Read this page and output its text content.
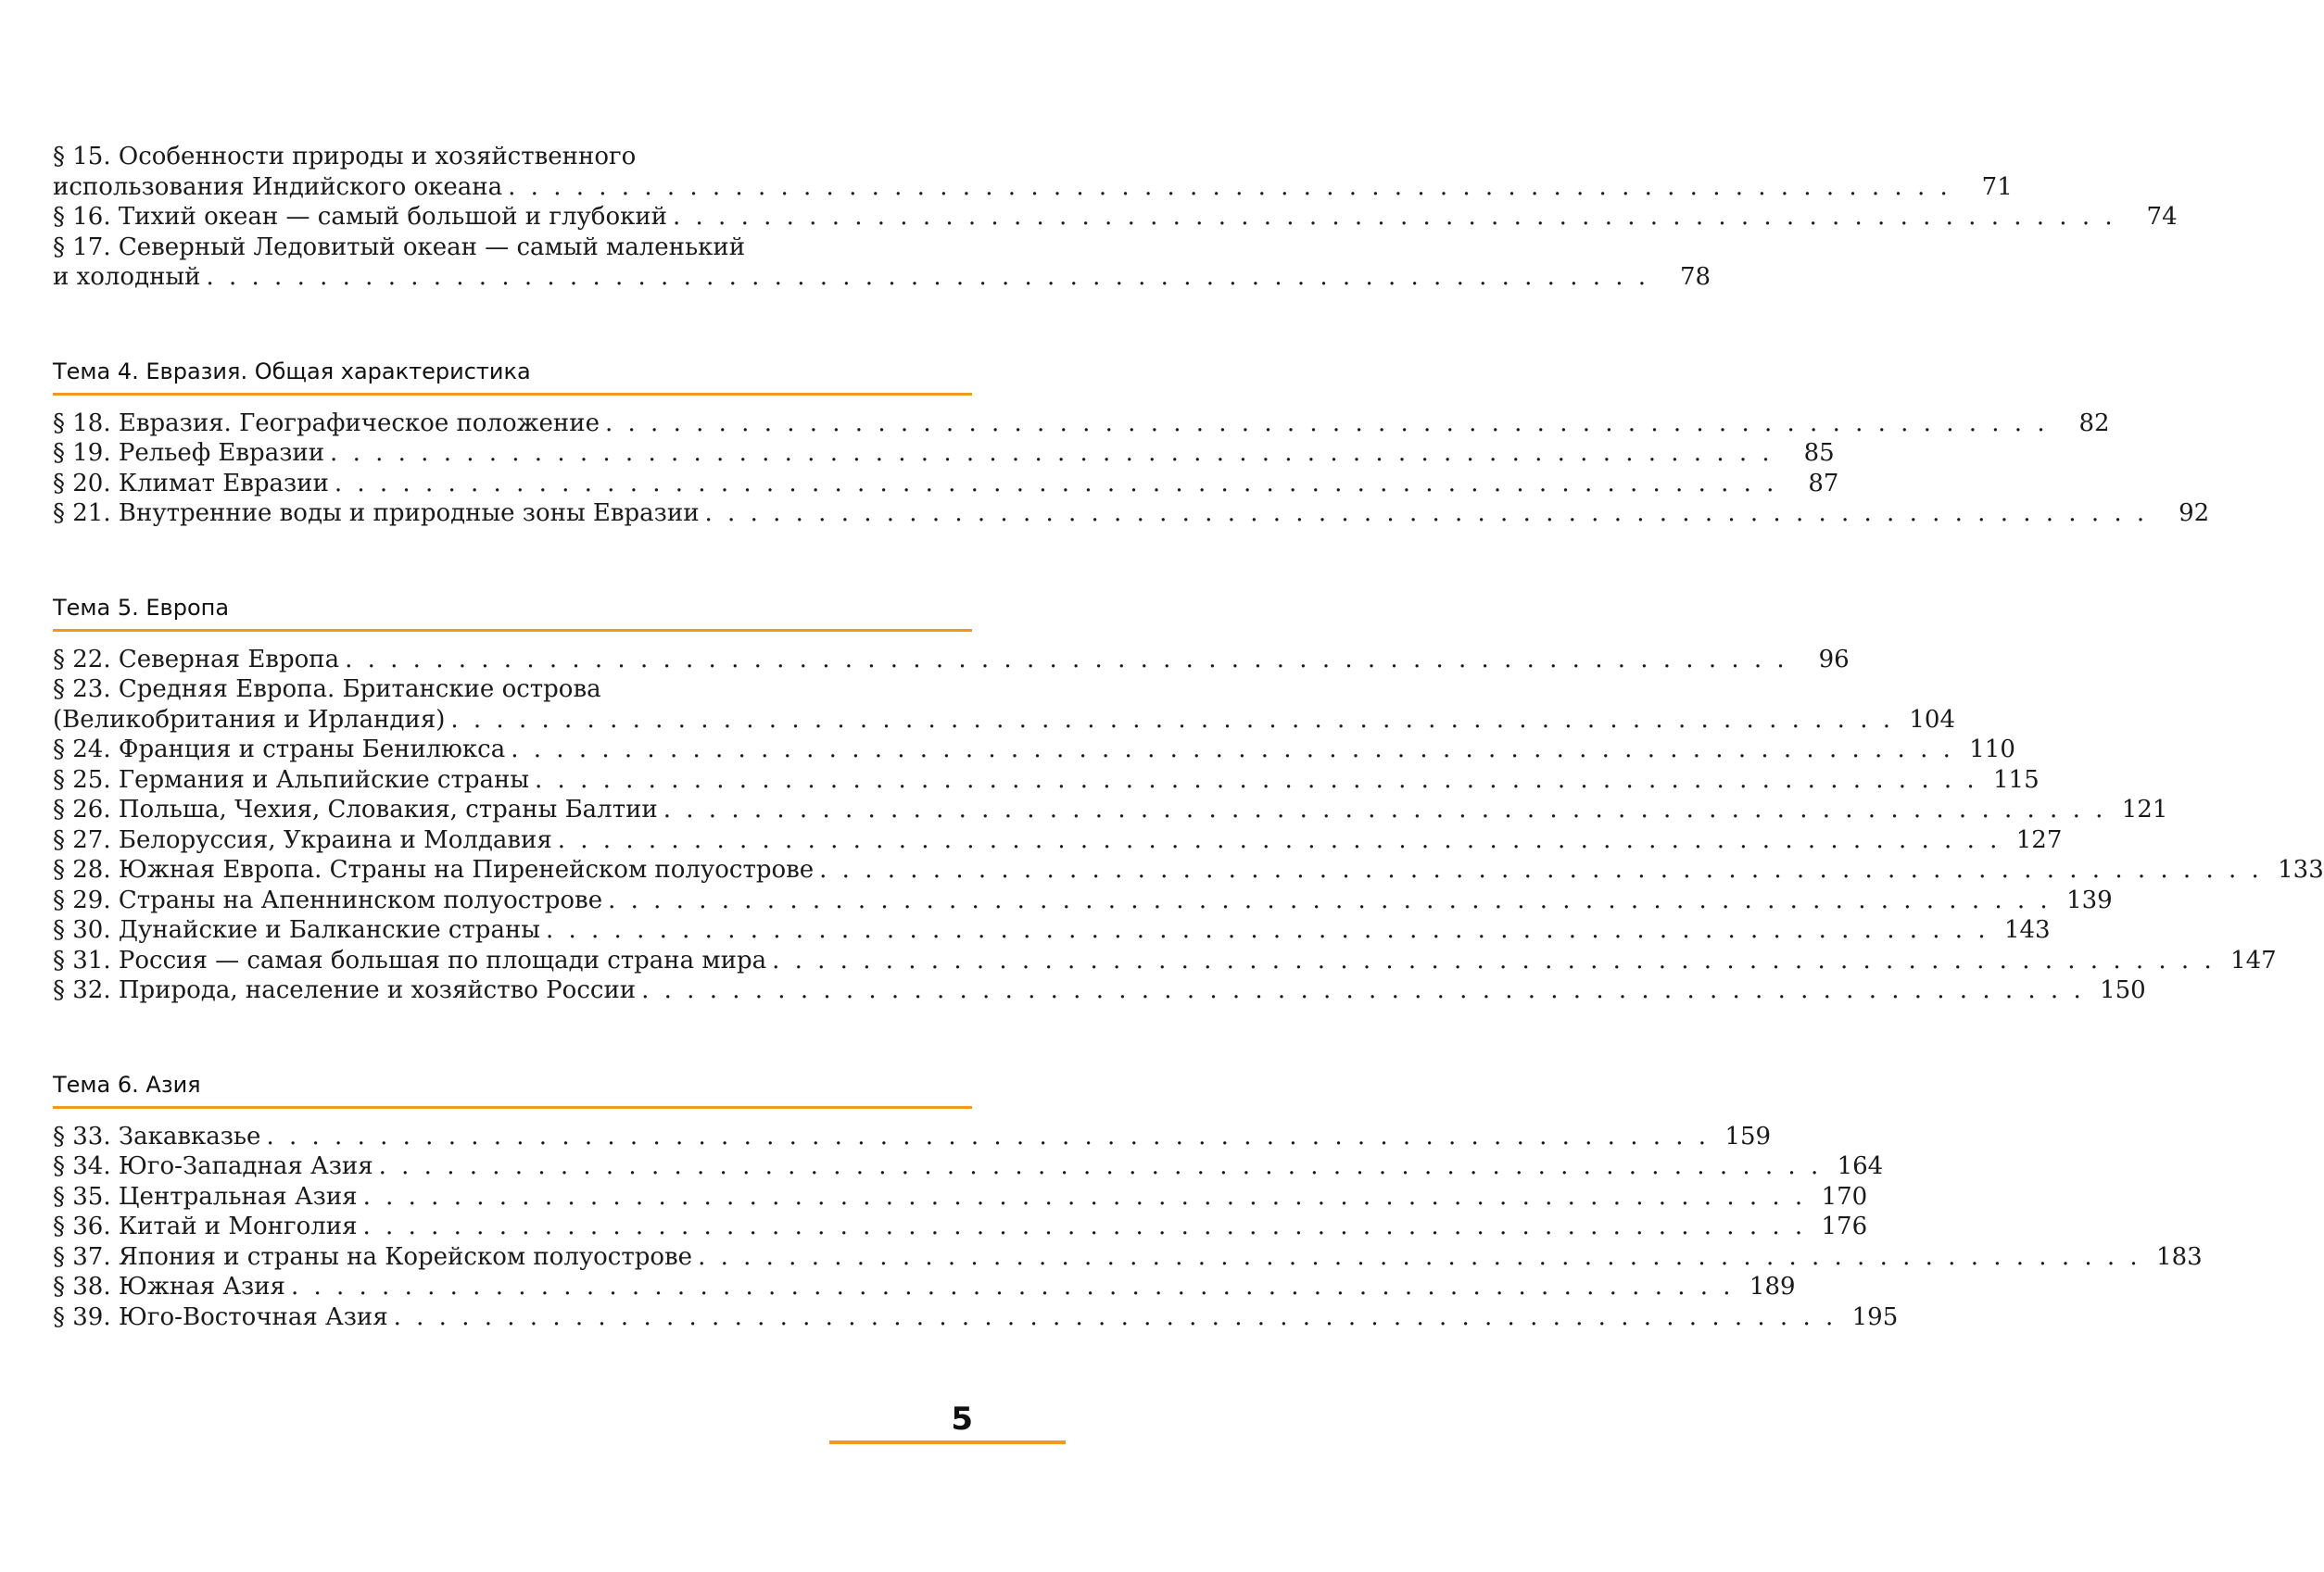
§ 15. Особенности природы и хозяйственного
использования Индийского океана . . . . . . . . . . . . . . . . . . . . . . . . . . . . . . . . . . . . . . . . . . . . . . . . . . . . . . . . . . . . . . . .	71
§ 16. Тихий океан — самый большой и глубокий . . . . . . . . . . . . . . . . . . . . . . . . . . . . . . . . . . . . . . . . . . . . . . . . . . . . . . . . . . . . . . . .	74
§ 17. Северный Ледовитый океан — самый маленький
и холодный . . . . . . . . . . . . . . . . . . . . . . . . . . . . . . . . . . . . . . . . . . . . . . . . . . . . . . . . . . . . . . . .	78
Тема 4. Евразия. Общая характеристика
§ 18. Евразия. Географическое положение . . . . . . . . . . . . . . . . . . . . . . . . . . . . . . . . . . . . . . . . . . . . . . . . . . . . . . . . . . . . . . . .	82
§ 19. Рельеф Евразии . . . . . . . . . . . . . . . . . . . . . . . . . . . . . . . . . . . . . . . . . . . . . . . . . . . . . . . . . . . . . . . .	85
§ 20. Климат Евразии . . . . . . . . . . . . . . . . . . . . . . . . . . . . . . . . . . . . . . . . . . . . . . . . . . . . . . . . . . . . . . . .	87
§ 21. Внутренние воды и природные зоны Евразии . . . . . . . . . . . . . . . . . . . . . . . . . . . . . . . . . . . . . . . . . . . . . . . . . . . . . . . . . . . . . . . .	92
Тема 5. Европа
§ 22. Северная Европа . . . . . . . . . . . . . . . . . . . . . . . . . . . . . . . . . . . . . . . . . . . . . . . . . . . . . . . . . . . . . . . .	96
§ 23. Средняя Европа. Британские острова
(Великобритания и Ирландия) . . . . . . . . . . . . . . . . . . . . . . . . . . . . . . . . . . . . . . . . . . . . . . . . . . . . . . . . . . . . . . . . 104
§ 24. Франция и страны Бенилюкса . . . . . . . . . . . . . . . . . . . . . . . . . . . . . . . . . . . . . . . . . . . . . . . . . . . . . . . . . . . . . . . . 110
§ 25. Германия и Альпийские страны . . . . . . . . . . . . . . . . . . . . . . . . . . . . . . . . . . . . . . . . . . . . . . . . . . . . . . . . . . . . . . . . 115
§ 26. Польша, Чехия, Словакия, страны Балтии . . . . . . . . . . . . . . . . . . . . . . . . . . . . . . . . . . . . . . . . . . . . . . . . . . . . . . . . . . . . . . . . 121
§ 27. Белоруссия, Украина и Молдавия . . . . . . . . . . . . . . . . . . . . . . . . . . . . . . . . . . . . . . . . . . . . . . . . . . . . . . . . . . . . . . . . 127
§ 28. Южная Европа. Страны на Пиренейском полуострове . . . . . . . . . . . . . . . . . . . . . . . . . . . . . . . . . . . . . . . . . . . . . . . . . . . . . . . . . . . . . . . . 133
§ 29. Страны на Апеннинском полуострове . . . . . . . . . . . . . . . . . . . . . . . . . . . . . . . . . . . . . . . . . . . . . . . . . . . . . . . . . . . . . . . . 139
§ 30. Дунайские и Балканские страны . . . . . . . . . . . . . . . . . . . . . . . . . . . . . . . . . . . . . . . . . . . . . . . . . . . . . . . . . . . . . . . . 143
§ 31. Россия — самая большая по площади страна мира . . . . . . . . . . . . . . . . . . . . . . . . . . . . . . . . . . . . . . . . . . . . . . . . . . . . . . . . . . . . . . . . 147
§ 32. Природа, население и хозяйство России . . . . . . . . . . . . . . . . . . . . . . . . . . . . . . . . . . . . . . . . . . . . . . . . . . . . . . . . . . . . . . . . 150
Тема 6. Азия
§ 33. Закавказье . . . . . . . . . . . . . . . . . . . . . . . . . . . . . . . . . . . . . . . . . . . . . . . . . . . . . . . . . . . . . . . . 159
§ 34. Юго-Западная Азия . . . . . . . . . . . . . . . . . . . . . . . . . . . . . . . . . . . . . . . . . . . . . . . . . . . . . . . . . . . . . . . . 164
§ 35. Центральная Азия . . . . . . . . . . . . . . . . . . . . . . . . . . . . . . . . . . . . . . . . . . . . . . . . . . . . . . . . . . . . . . . . 170
§ 36. Китай и Монголия . . . . . . . . . . . . . . . . . . . . . . . . . . . . . . . . . . . . . . . . . . . . . . . . . . . . . . . . . . . . . . . . 176
§ 37. Япония и страны на Корейском полуострове . . . . . . . . . . . . . . . . . . . . . . . . . . . . . . . . . . . . . . . . . . . . . . . . . . . . . . . . . . . . . . . . 183
§ 38. Южная Азия . . . . . . . . . . . . . . . . . . . . . . . . . . . . . . . . . . . . . . . . . . . . . . . . . . . . . . . . . . . . . . . . 189
§ 39. Юго-Восточная Азия . . . . . . . . . . . . . . . . . . . . . . . . . . . . . . . . . . . . . . . . . . . . . . . . . . . . . . . . . . . . . . . . 195
5
